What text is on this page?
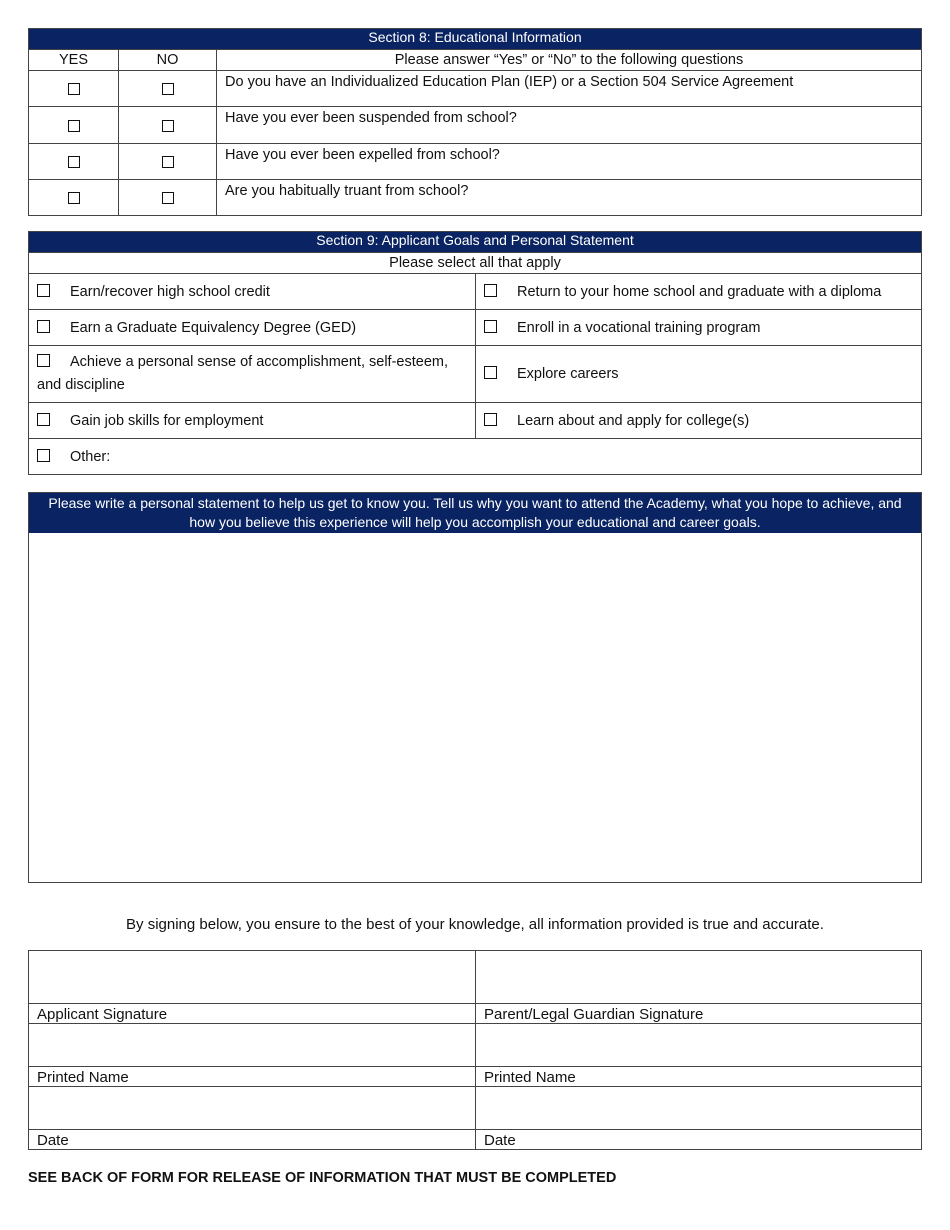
Section 8: Educational Information		
YES	NO	Please answer “Yes” or “No” to the following questions
		Do you have an Individualized Education Plan (IEP) or a Section 504 Service Agreement
		Have you ever been suspended from school?
		Have you ever been expelled from school?
		Are you habitually truant from school?
Section 9: Applicant Goals and Personal Statement	
Please select all that apply	
Earn/recover high school credit	Return to your home school and graduate with a diploma
Earn a Graduate Equivalency Degree (GED)	Enroll in a vocational training program
Achieve a personal sense of accomplishment, self-esteem, and discipline	Explore careers
Gain job skills for employment	Learn about and apply for college(s)
Other:	
Please write a personal statement to help us get to know you. Tell us why you want to attend the Academy, what you hope to achieve, and how you believe this experience will help you accomplish your educational and career goals.
By signing below, you ensure to the best of your knowledge, all information provided is true and accurate.

Applicant Signature	Parent/Legal Guardian Signature

Printed Name	Printed Name

Date	Date
SEE BACK OF FORM FOR RELEASE OF INFORMATION THAT MUST BE COMPLETED
